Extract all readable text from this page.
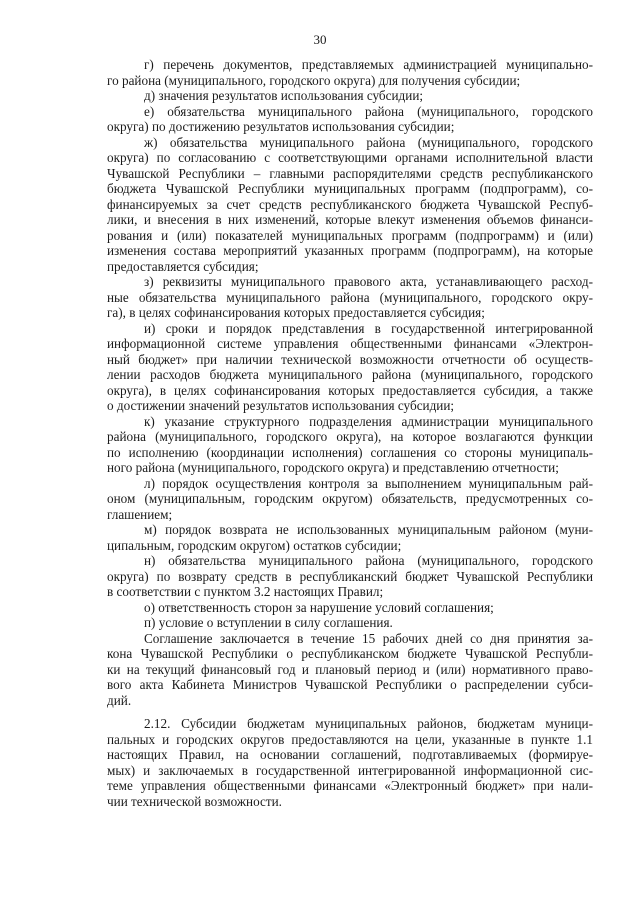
30
г) перечень документов, представляемых администрацией муниципально-
го района (муниципального, городского округа) для получения субсидии;
д) значения результатов использования субсидии;
е) обязательства муниципального района (муниципального, городского
округа) по достижению результатов использования субсидии;
ж) обязательства муниципального района (муниципального, городского
округа) по согласованию с соответствующими органами исполнительной власти
Чувашской Республики – главными распорядителями средств республиканского
бюджета Чувашской Республики муниципальных программ (подпрограмм), со-
финансируемых за счет средств республиканского бюджета Чувашской Респуб-
лики, и внесения в них изменений, которые влекут изменения объемов финанси-
рования и (или) показателей муниципальных программ (подпрограмм) и (или)
изменения состава мероприятий указанных программ (подпрограмм), на которые
предоставляется субсидия;
з) реквизиты муниципального правового акта, устанавливающего расход-
ные обязательства муниципального района (муниципального, городского окру-
га), в целях софинансирования которых предоставляется субсидия;
и) сроки и порядок представления в государственной интегрированной
информационной системе управления общественными финансами «Электрон-
ный бюджет» при наличии технической возможности отчетности об осуществ-
лении расходов бюджета муниципального района (муниципального, городского
округа), в целях софинансирования которых предоставляется субсидия, а также
о достижении значений результатов использования субсидии;
к) указание структурного подразделения администрации муниципального
района (муниципального, городского округа), на которое возлагаются функции
по исполнению (координации исполнения) соглашения со стороны муниципаль-
ного района (муниципального, городского округа) и представлению отчетности;
л) порядок осуществления контроля за выполнением муниципальным рай-
оном (муниципальным, городским округом) обязательств, предусмотренных со-
глашением;
м) порядок возврата не использованных муниципальным районом (муни-
ципальным, городским округом) остатков субсидии;
н) обязательства муниципального района (муниципального, городского
округа) по возврату средств в республиканский бюджет Чувашской Республики
в соответствии с пунктом 3.2 настоящих Правил;
о) ответственность сторон за нарушение условий соглашения;
п) условие о вступлении в силу соглашения.
Соглашение заключается в течение 15 рабочих дней со дня принятия за-
кона Чувашской Республики о республиканском бюджете Чувашской Республи-
ки на текущий финансовый год и плановый период и (или) нормативного право-
вого акта Кабинета Министров Чувашской Республики о распределении субси-
дий.
2.12. Субсидии бюджетам муниципальных районов, бюджетам муници-
пальных и городских округов предоставляются на цели, указанные в пункте 1.1
настоящих Правил, на основании соглашений, подготавливаемых (формируе-
мых) и заключаемых в государственной интегрированной информационной сис-
теме управления общественными финансами «Электронный бюджет» при нали-
чии технической возможности.
